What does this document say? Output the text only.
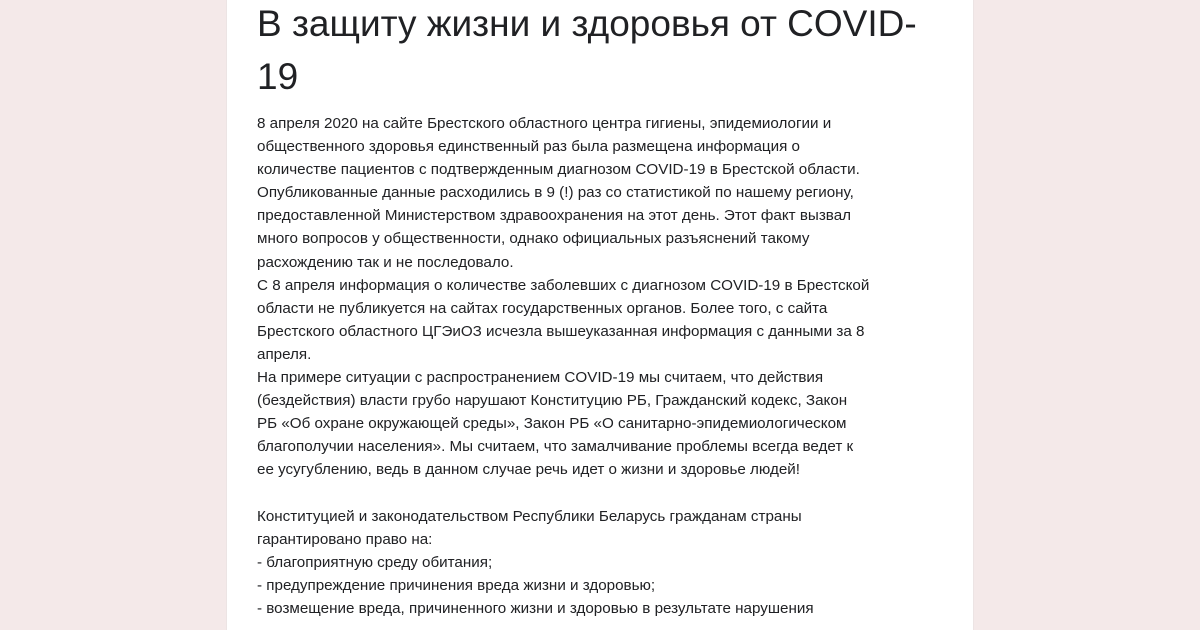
В защиту жизни и здоровья от COVID-19

8 апреля 2020 на сайте Брестского областного центра гигиены, эпидемиологии и
общественного здоровья единственный раз была размещена информация о
количестве пациентов с подтвержденным диагнозом COVID-19 в Брестской области.
Опубликованные данные расходились в 9 (!) раз со статистикой по нашему региону,
предоставленной Министерством здравоохранения на этот день. Этот факт вызвал
много вопросов у общественности, однако официальных разъяснений такому
расхождению так и не последовало.

С 8 апреля информация о количестве заболевших с диагнозом COVID-19 в Брестской
области не публикуется на сайтах государственных органов. Более того, с сайта
Брестского областного ЦГЭиОЗ исчезла вышеуказанная информация с данными за 8
апреля.

На примере ситуации с распространением COVID-19 мы считаем, что действия
(бездействия) власти грубо нарушают Конституцию РБ, Гражданский кодекс, Закон
РБ «Об охране окружающей среды», Закон РБ «О санитарно-эпидемиологическом
благополучии населения». Мы считаем, что замалчивание проблемы всегда ведет к
ее усугублению, ведь в данном случае речь идет о жизни и здоровье людей!

Конституцией и законодательством Республики Беларусь гражданам страны
гарантировано право на:

- благоприятную среду обитания;

- предупреждение причинения вреда жизни и здоровью;

- возмещение вреда, причиненного жизни и здоровью в результате нарушения
